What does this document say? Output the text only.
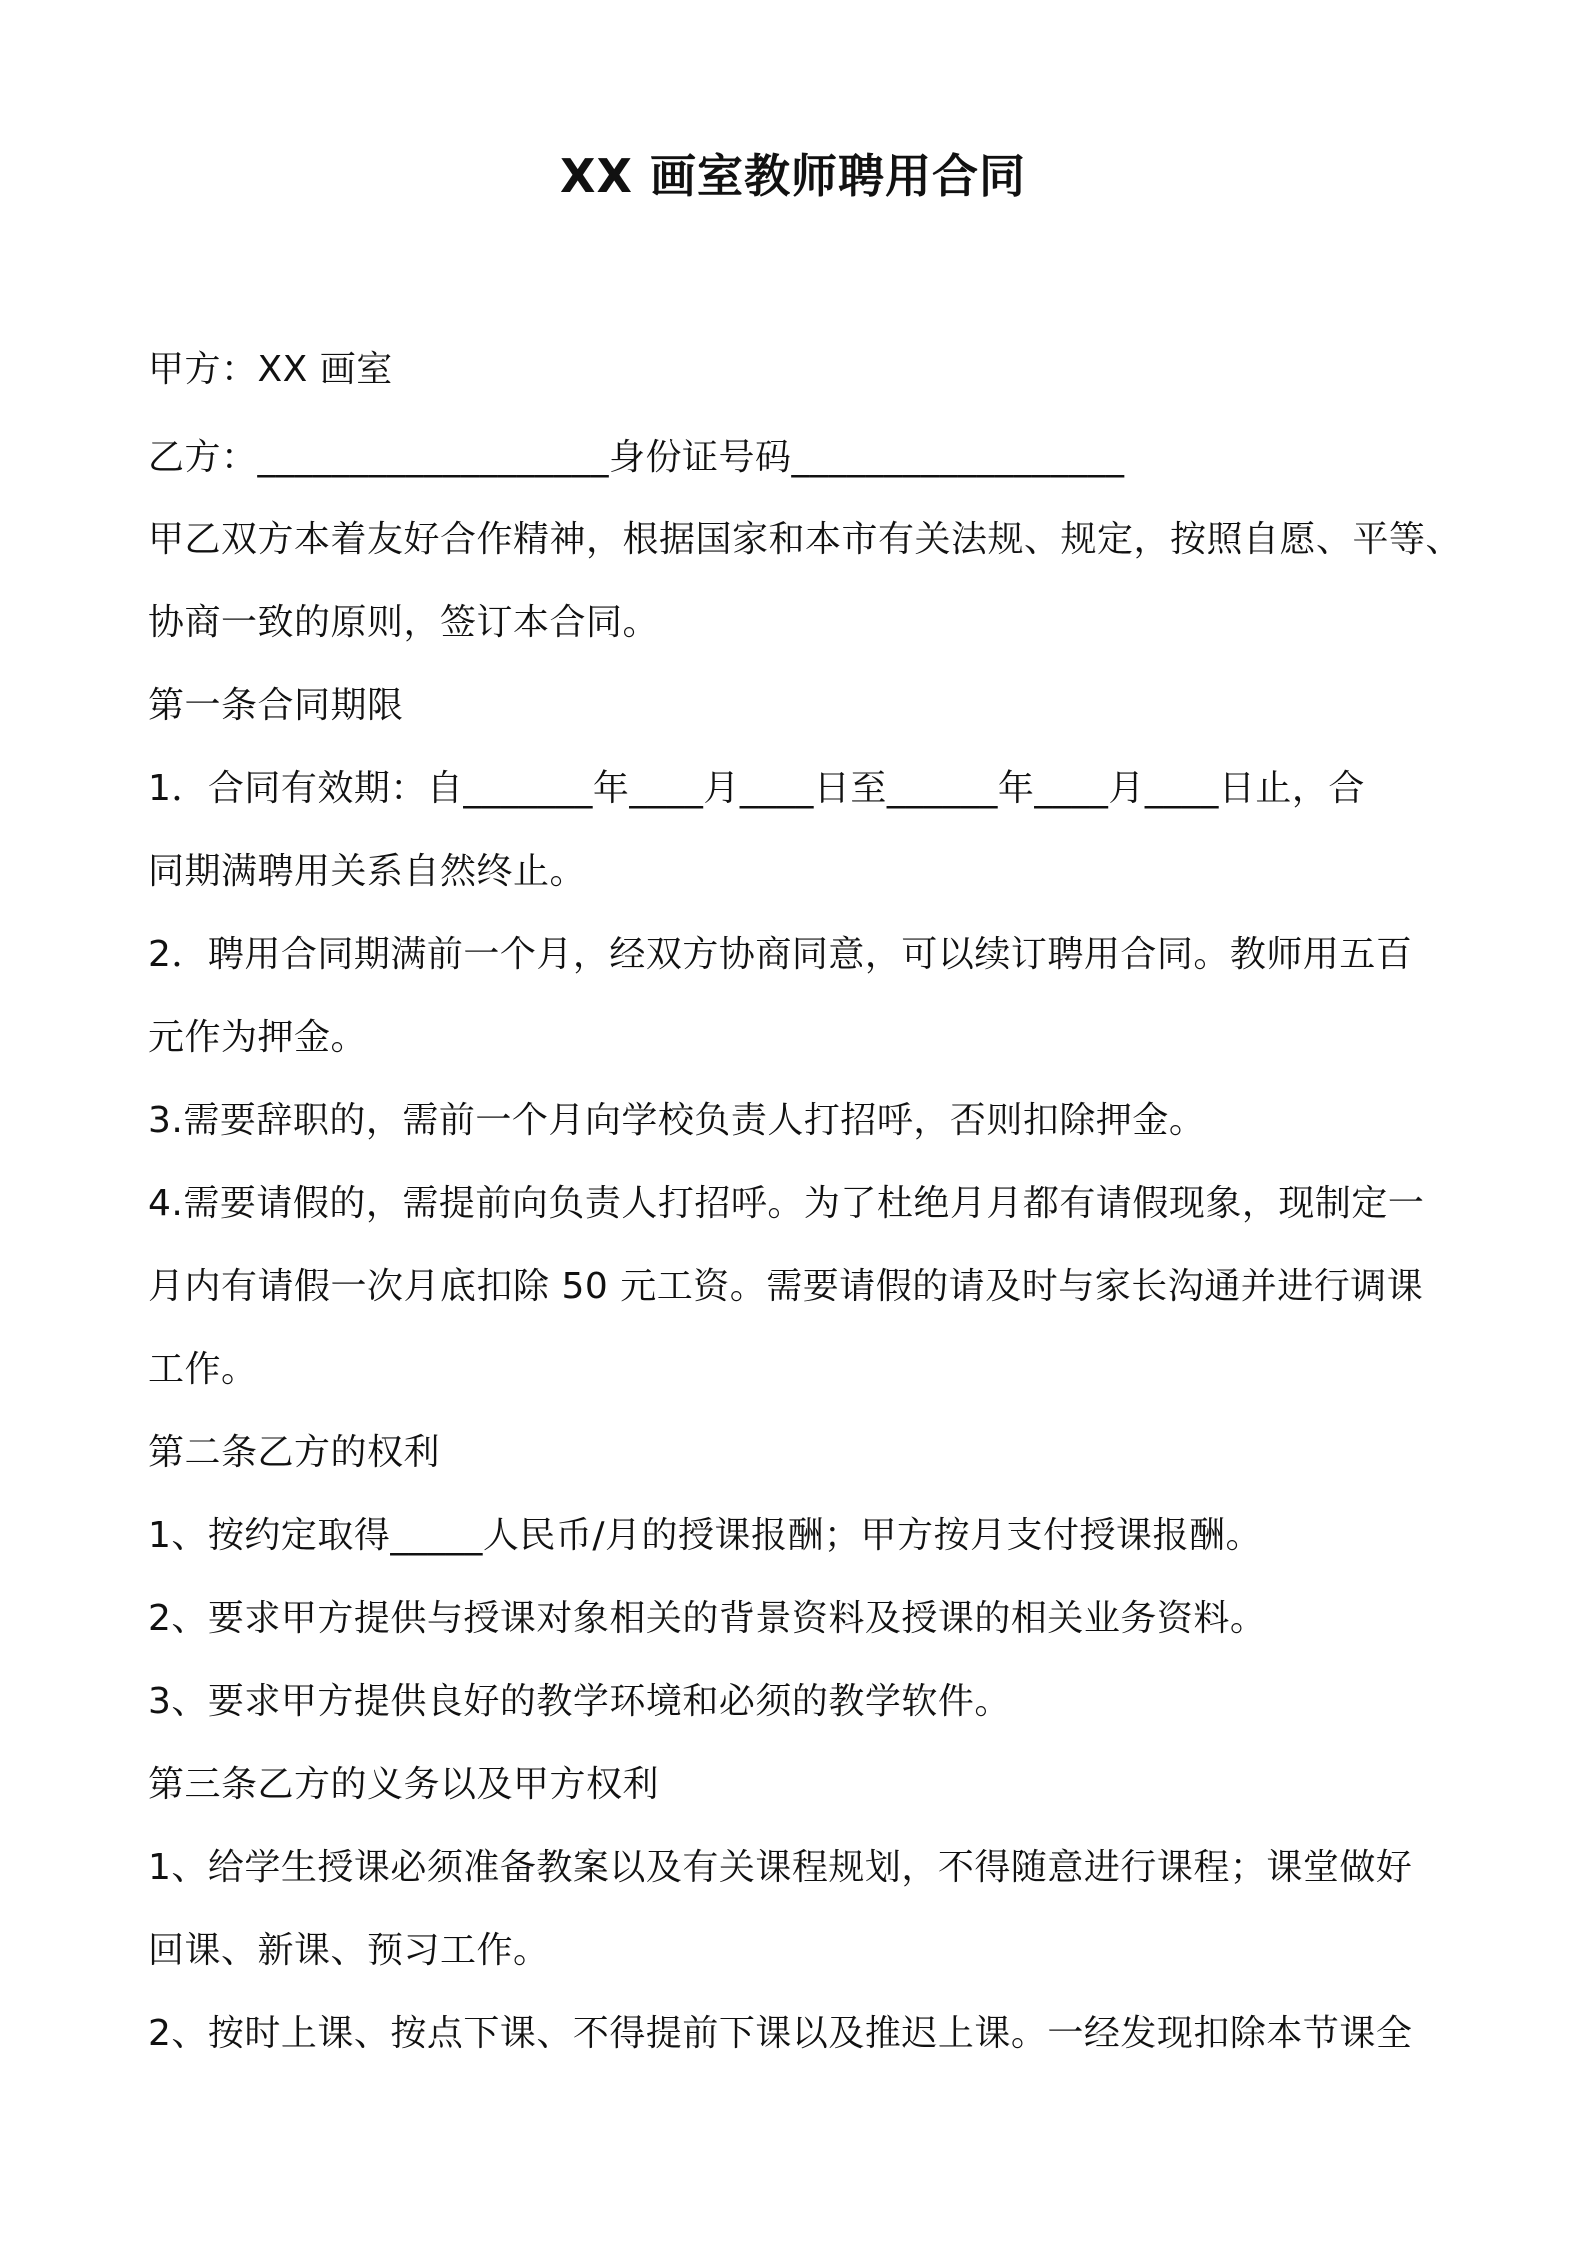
XX 画室教师聘用合同
甲方：XX 画室
乙方：___________________身份证号码__________________
甲乙双方本着友好合作精神，根据国家和本市有关法规、规定，按照自愿、平等、
协商一致的原则，签订本合同。
第一条合同期限
1．合同有效期：自_______年____月____日至______年____月____日止，合
同期满聘用关系自然终止。
2．聘用合同期满前一个月，经双方协商同意，可以续订聘用合同。教师用五百
元作为押金。
3.需要辞职的，需前一个月向学校负责人打招呼，否则扣除押金。
4.需要请假的，需提前向负责人打招呼。为了杜绝月月都有请假现象，现制定一
月内有请假一次月底扣除 50 元工资。需要请假的请及时与家长沟通并进行调课
工作。
第二条乙方的权利
1、按约定取得_____人民币/月的授课报酬；甲方按月支付授课报酬。
2、要求甲方提供与授课对象相关的背景资料及授课的相关业务资料。
3、要求甲方提供良好的教学环境和必须的教学软件。
第三条乙方的义务以及甲方权利
1、给学生授课必须准备教案以及有关课程规划，不得随意进行课程；课堂做好
回课、新课、预习工作。
2、按时上课、按点下课、不得提前下课以及推迟上课。一经发现扣除本节课全
